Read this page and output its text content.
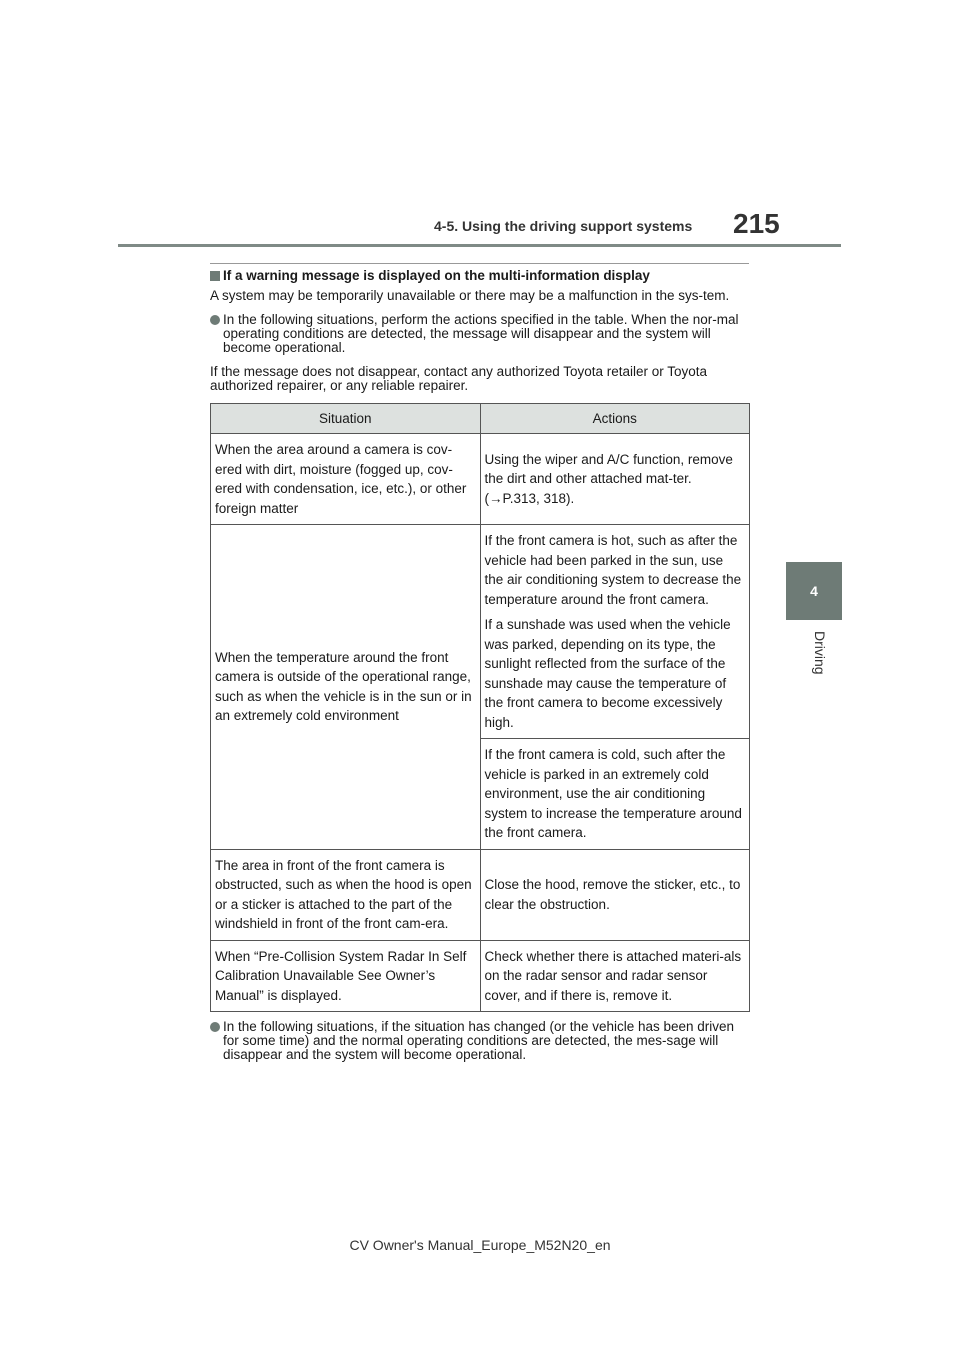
4-5. Using the driving support systems 215
4
Driving
If a warning message is displayed on the multi-information display

A system may be temporarily unavailable or there may be a malfunction in the sys-tem.

In the following situations, perform the actions specified in the table. When the nor-mal operating conditions are detected, the message will disappear and the system will become operational.

If the message does not disappear, contact any authorized Toyota retailer or Toyota authorized repairer, or any reliable repairer.

Situation	Actions
When the area around a camera is cov-ered with dirt, moisture (fogged up, cov-ered with condensation, ice, etc.), or other foreign matter	Using the wiper and A/C function, remove the dirt and other attached mat-ter. (→P.313, 318).
When the temperature around the front camera is outside of the operational range, such as when the vehicle is in the sun or in an extremely cold environment	If the front camera is hot, such as after the vehicle had been parked in the sun, use the air conditioning system to decrease the temperature around the front camera.

If a sunshade was used when the vehicle was parked, depending on its type, the sunlight reflected from the surface of the sunshade may cause the temperature of the front camera to become excessively high.

	If the front camera is cold, such after the vehicle is parked in an extremely cold environment, use the air conditioning system to increase the temperature around the front camera.
The area in front of the front camera is obstructed, such as when the hood is open or a sticker is attached to the part of the windshield in front of the front cam-era.	Close the hood, remove the sticker, etc., to clear the obstruction.
When “Pre-Collision System Radar In Self Calibration Unavailable See Owner’s Manual” is displayed.	Check whether there is attached materi-als on the radar sensor and radar sensor cover, and if there is, remove it.
In the following situations, if the situation has changed (or the vehicle has been driven for some time) and the normal operating conditions are detected, the mes-sage will disappear and the system will become operational.
CV Owner's Manual_Europe_M52N20_en
